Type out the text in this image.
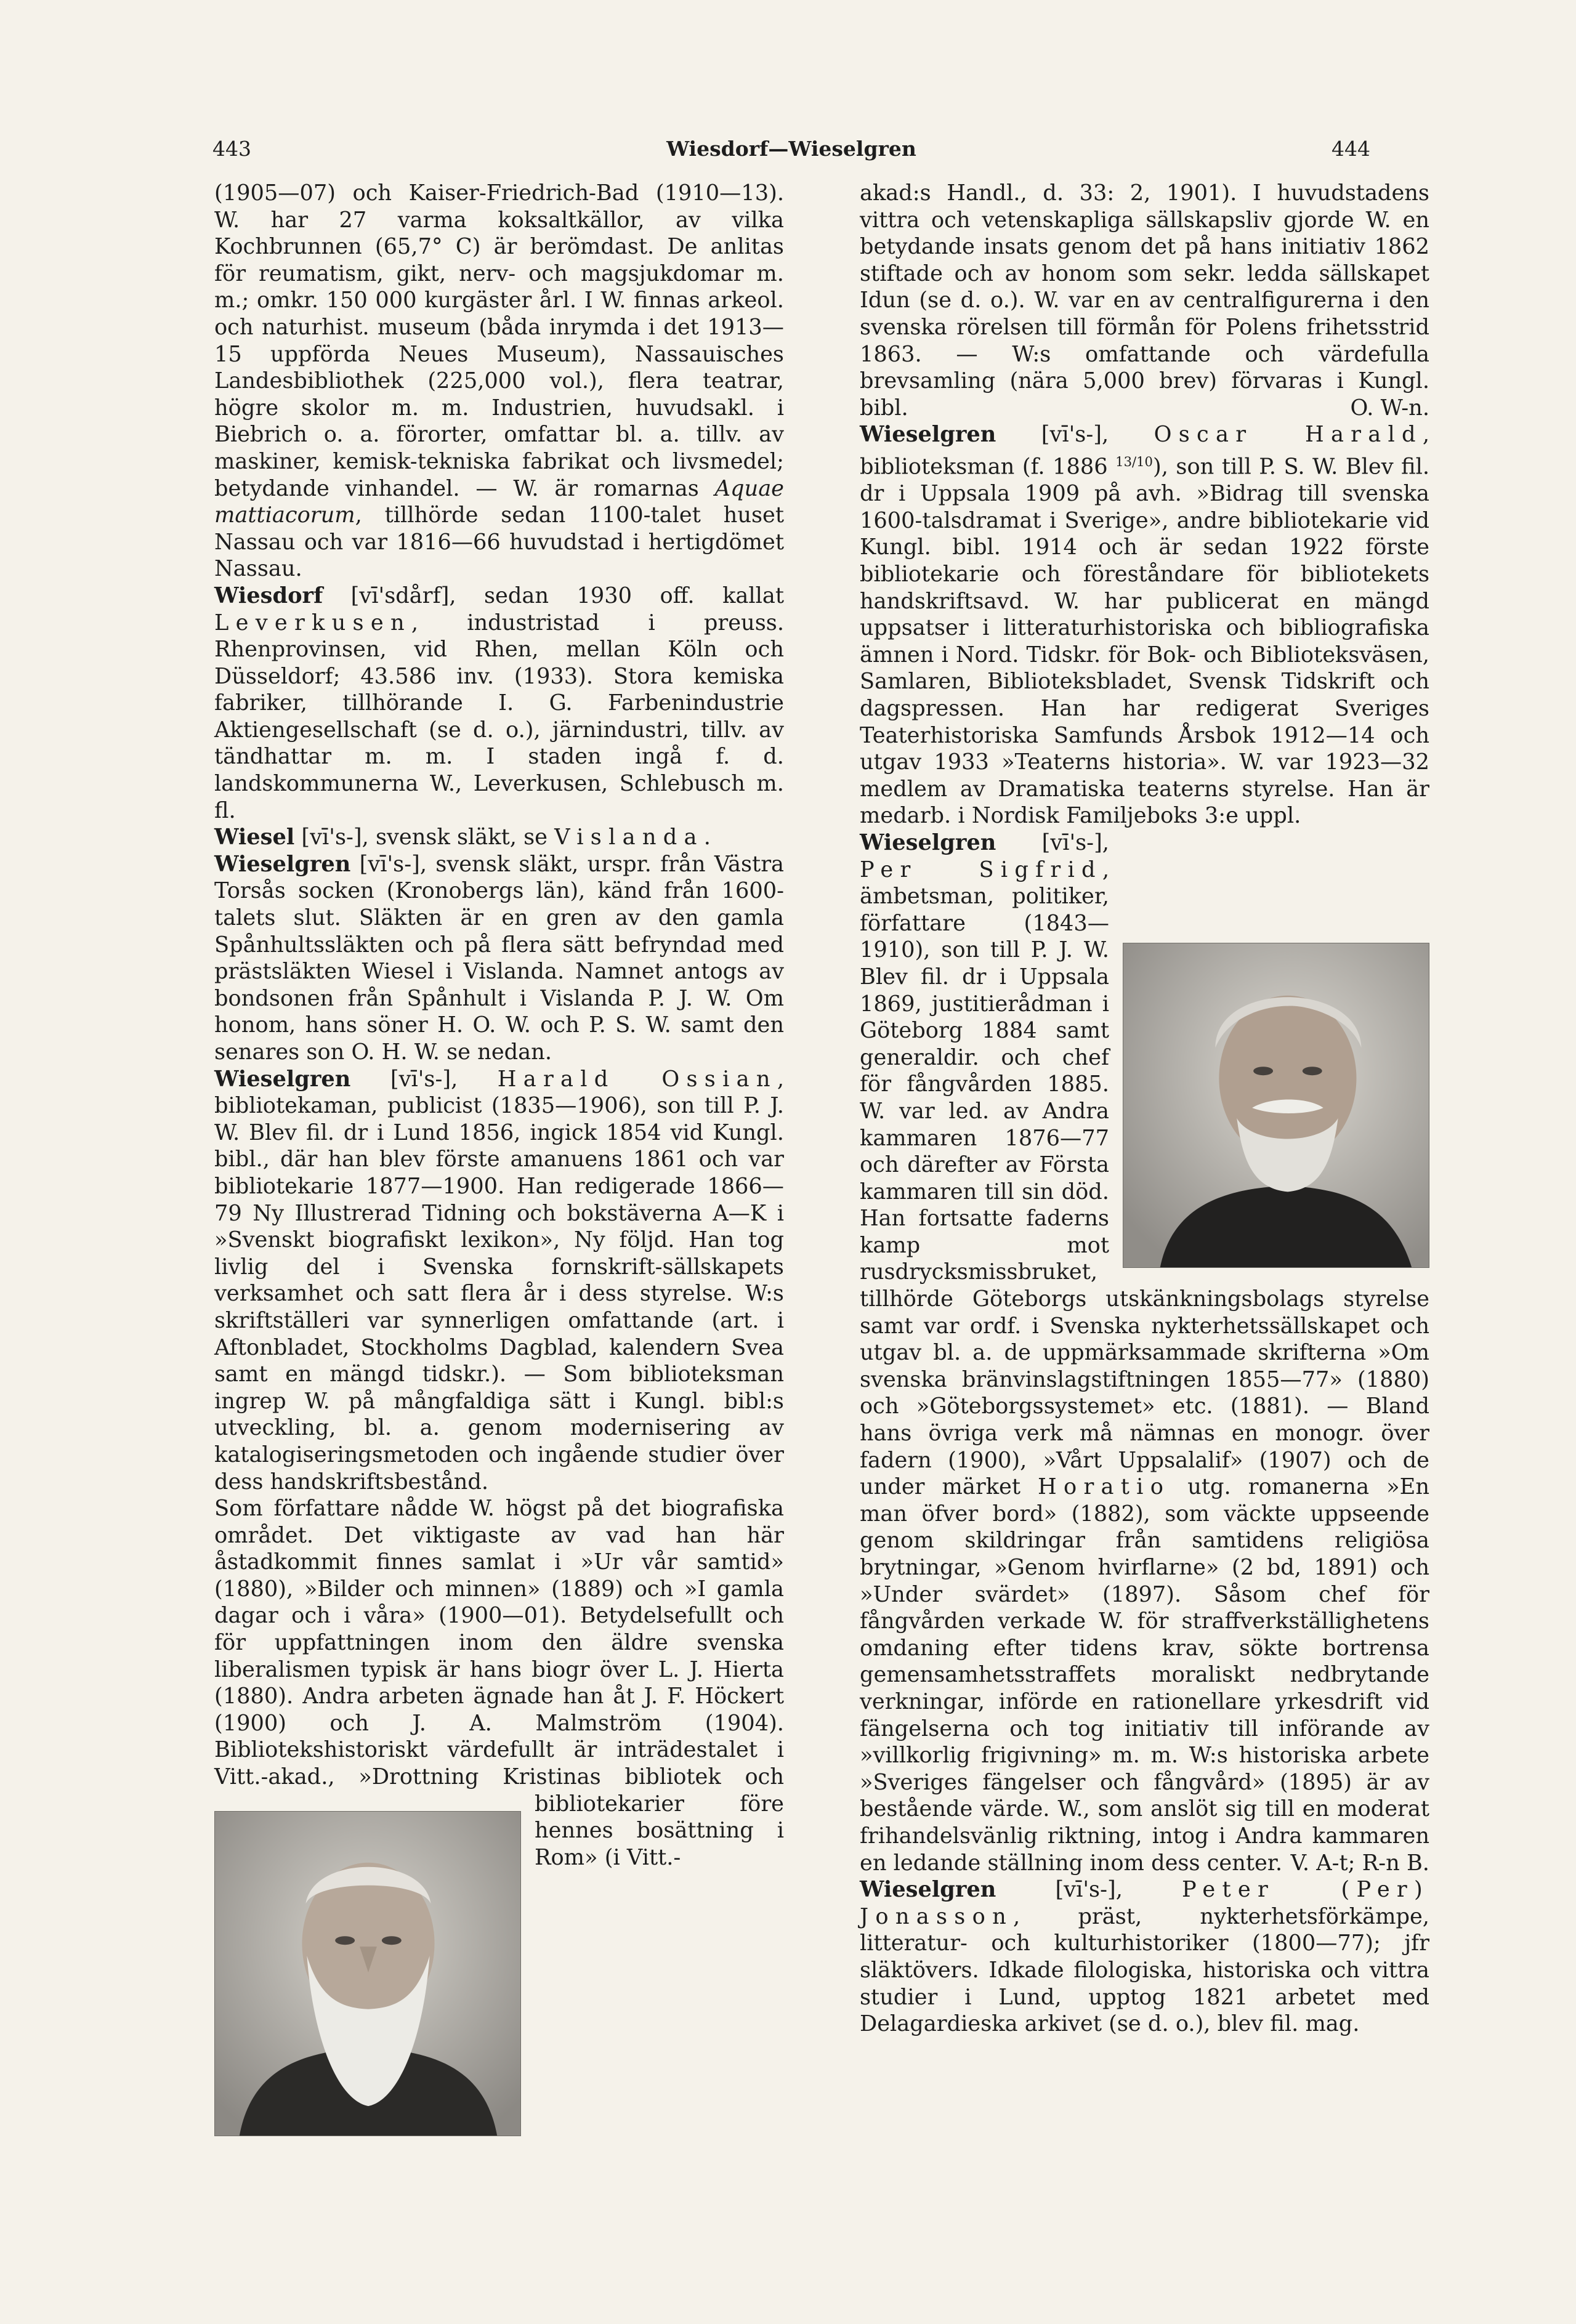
443	Wiesdorf—Wieselgren	444

(1905—07) och Kaiser-Friedrich-Bad (1910—13). W. har 27 varma koksaltkällor, av vilka Kochbrunnen (65,7° C) är berömdast. De anlitas för reumatism, gikt, nerv- och magsjukdomar m. m.; omkr. 150 000 kurgäster årl. I W. finnas arkeol. och naturhist. museum (båda inrymda i det 1913—15 uppförda Neues Museum), Nassauisches Landesbibliothek (225,000 vol.), flera teatrar, högre skolor m. m. Industrien, huvudsakl. i Biebrich o. a. förorter, omfattar bl. a. tillv. av maskiner, kemisk-tekniska fabrikat och livsmedel; betydande vinhandel. — W. är romarnas Aquae mattiacorum, tillhörde sedan 1100-talet huset Nassau och var 1816—66 huvudstad i hertigdömet Nassau.

Wiesdorf [vī'sdårf], sedan 1930 off. kallat Leverkusen, industristad i preuss. Rhenprovinsen, vid Rhen, mellan Köln och Düsseldorf; 43.586 inv. (1933). Stora kemiska fabriker, tillhörande I. G. Farbenindustrie Aktiengesellschaft (se d. o.), järnindustri, tillv. av tändhattar m. m. I staden ingå f. d. landskommunerna W., Leverkusen, Schlebusch m. fl.

Wiesel [vī's-], svensk släkt, se Vislanda.

Wieselgren [vī's-], svensk släkt, urspr. från Västra Torsås socken (Kronobergs län), känd från 1600-talets slut. Släkten är en gren av den gamla Spånhultssläkten och på flera sätt befryndad med prästsläkten Wiesel i Vislanda. Namnet antogs av bondsonen från Spånhult i Vislanda P. J. W. Om honom, hans söner H. O. W. och P. S. W. samt den senares son O. H. W. se nedan.

Wieselgren [vī's-], Harald Ossian, bibliotekaman, publicist (1835—1906), son till P. J. W. Blev fil. dr i Lund 1856, ingick 1854 vid Kungl. bibl., där han blev förste amanuens 1861 och var bibliotekarie 1877—1900. Han redigerade 1866—79 Ny Illustrerad Tidning och bokstäverna A—K i »Svenskt biografiskt lexikon», Ny följd. Han tog livlig del i Svenska fornskrift-sällskapets verksamhet och satt flera år i dess styrelse. W:s skriftställeri var synnerligen omfattande (art. i Aftonbladet, Stockholms Dagblad, kalendern Svea samt en mängd tidskr.). — Som biblioteksman ingrep W. på mångfaldiga sätt i Kungl. bibl:s utveckling, bl. a. genom modernisering av katalogiseringsmetoden och ingående studier över dess handskriftsbestånd.

Som författare nådde W. högst på det biografiska området. Det viktigaste av vad han här åstadkommit finnes samlat i »Ur vår samtid» (1880), »Bilder och minnen» (1889) och »I gamla dagar och i våra» (1900—01). Betydelsefullt och för uppfattningen inom den äldre svenska liberalismen typisk är hans biogr över L. J. Hierta (1880). Andra arbeten ägnade han åt J. F. Höckert (1900) och J. A. Malmström (1904). Bibliotekshistoriskt värdefullt är inträdestalet i Vitt.-akad., »Drottning Kristinas bibliotek och bibliotekarier före hennes bosättning i Rom» (i Vitt.-

akad:s Handl., d. 33: 2, 1901). I huvudstadens vittra och vetenskapliga sällskapsliv gjorde W. en betydande insats genom det på hans initiativ 1862 stiftade och av honom som sekr. ledda sällskapet Idun (se d. o.). W. var en av centralfigurerna i den svenska rörelsen till förmån för Polens frihetsstrid 1863. — W:s omfattande och värdefulla brevsamling (nära 5,000 brev) förvaras i Kungl. bibl.	O. W-n.

Wieselgren [vī's-], Oscar Harald, biblioteksman (f. 1886 $^{13/10}$), son till P. S. W. Blev fil. dr i Uppsala 1909 på avh. »Bidrag till svenska 1600-talsdramat i Sverige», andre bibliotekarie vid Kungl. bibl. 1914 och är sedan 1922 förste bibliotekarie och föreståndare för bibliotekets handskriftsavd. W. har publicerat en mängd uppsatser i litteraturhistoriska och bibliografiska ämnen i Nord. Tidskr. för Bok- och Biblioteksväsen, Samlaren, Biblioteksbladet, Svensk Tidskrift och dagspressen. Han har redigerat Sveriges Teaterhistoriska Samfunds Årsbok 1912—14 och utgav 1933 »Teaterns historia». W. var 1923—32 medlem av Dramatiska teaterns styrelse. Han är medarb. i Nordisk Familjeboks 3:e uppl.

Wieselgren [vī's-], Per Sigfrid, ämbetsman, politiker, författare (1843—1910), son till P. J. W. Blev fil. dr i Uppsala 1869, justitierådman i Göteborg 1884 samt generaldir. och chef för fångvården 1885. W. var led. av Andra kammaren 1876—77 och därefter av Första kammaren till sin död. Han fortsatte faderns kamp mot rusdrycksmissbruket, tillhörde Göteborgs utskänkningsbolags styrelse samt var ordf. i Svenska nykterhetssällskapet och utgav bl. a. de uppmärksammade skrifterna »Om svenska bränvinslagstiftningen 1855—77» (1880) och »Göteborgssystemet» etc. (1881). — Bland hans övriga verk må nämnas en monogr. över fadern (1900), »Vårt Uppsalalif» (1907) och de under märket Horatio utg. romanerna »En man öfver bord» (1882), som väckte uppseende genom skildringar från samtidens religiösa brytningar, »Genom hvirflarne» (2 bd, 1891) och »Under svärdet» (1897). Såsom chef för fångvården verkade W. för straffverkställighetens omdaning efter tidens krav, sökte bortrensa gemensamhetsstraffets moraliskt nedbrytande verkningar, införde en rationellare yrkesdrift vid fängelserna och tog initiativ till införande av »villkorlig frigivning» m. m. W:s historiska arbete »Sveriges fängelser och fångvård» (1895) är av bestående värde. W., som anslöt sig till en moderat frihandelsvänlig riktning, intog i Andra kammaren en ledande ställning inom dess center. V. A-t; R-n B.

Wieselgren [vī's-], Peter (Per) Jonasson, präst, nykterhetsförkämpe, litteratur- och kulturhistoriker (1800—77); jfr släktövers. Idkade filologiska, historiska och vittra studier i Lund, upptog 1821 arbetet med Delagardieska arkivet (se d. o.), blev fil. mag.
